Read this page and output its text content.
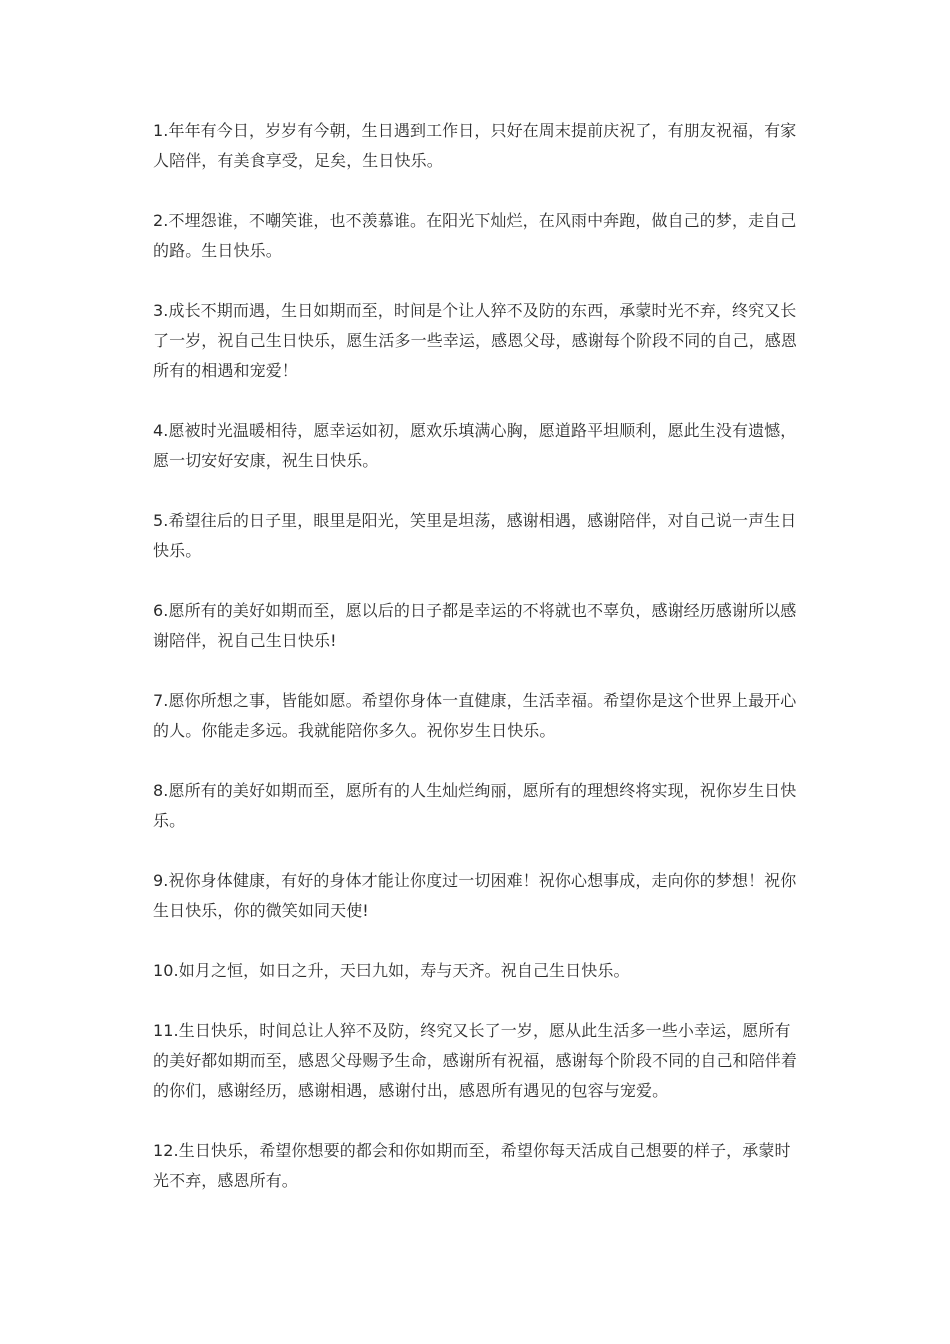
1.年年有今日，岁岁有今朝，生日遇到工作日，只好在周末提前庆祝了，有朋友祝福，有家人陪伴，有美食享受，足矣，生日快乐。

2.不埋怨谁，不嘲笑谁，也不羡慕谁。在阳光下灿烂，在风雨中奔跑，做自己的梦，走自己的路。生日快乐。

3.成长不期而遇，生日如期而至，时间是个让人猝不及防的东西，承蒙时光不弃，终究又长了一岁，祝自己生日快乐，愿生活多一些幸运，感恩父母，感谢每个阶段不同的自己，感恩所有的相遇和宠爱！

4.愿被时光温暖相待，愿幸运如初，愿欢乐填满心胸，愿道路平坦顺利，愿此生没有遗憾，愿一切安好安康，祝生日快乐。

5.希望往后的日子里，眼里是阳光，笑里是坦荡，感谢相遇，感谢陪伴，对自己说一声生日快乐。

6.愿所有的美好如期而至，愿以后的日子都是幸运的不将就也不辜负，感谢经历感谢所以感谢陪伴，祝自己生日快乐!

7.愿你所想之事，皆能如愿。希望你身体一直健康，生活幸福。希望你是这个世界上最开心的人。你能走多远。我就能陪你多久。祝你岁生日快乐。

8.愿所有的美好如期而至，愿所有的人生灿烂绚丽，愿所有的理想终将实现，祝你岁生日快乐。

9.祝你身体健康，有好的身体才能让你度过一切困难！祝你心想事成，走向你的梦想！祝你生日快乐，你的微笑如同天使!

10.如月之恒，如日之升，天曰九如，寿与天齐。祝自己生日快乐。

11.生日快乐，时间总让人猝不及防，终究又长了一岁，愿从此生活多一些小幸运，愿所有的美好都如期而至，感恩父母赐予生命，感谢所有祝福，感谢每个阶段不同的自己和陪伴着的你们，感谢经历，感谢相遇，感谢付出，感恩所有遇见的包容与宠爱。

12.生日快乐，希望你想要的都会和你如期而至，希望你每天活成自己想要的样子，承蒙时光不弃，感恩所有。
